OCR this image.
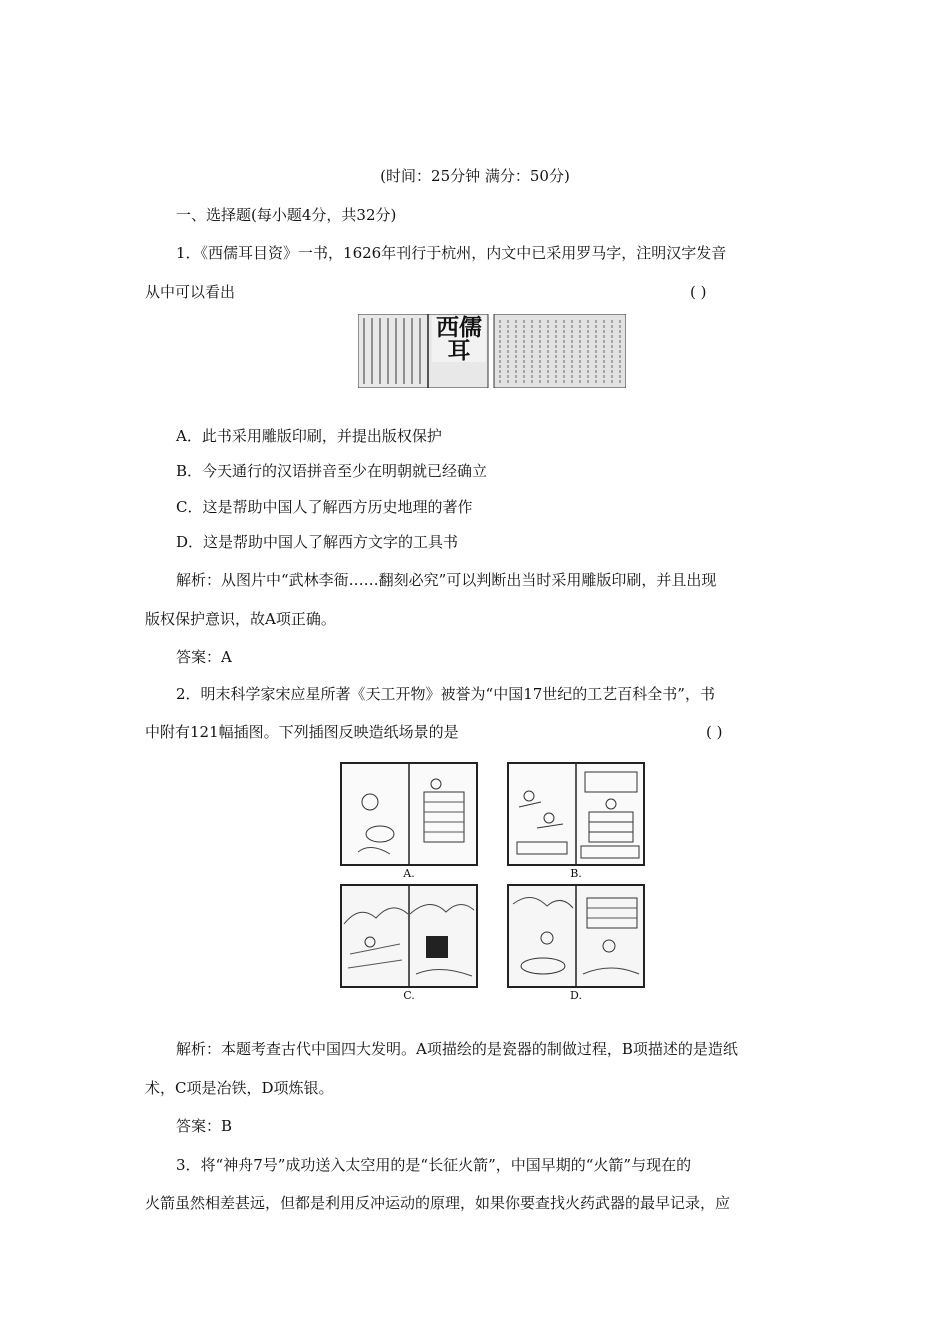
(时间：25分钟 满分：50分)
一、选择题(每小题4分，共32分)
1．《西儒耳目资》一书，1626年刊行于杭州，内文中已采用罗马字，注明汉字发音
从中可以看出	( )
西儒耳
A．此书采用雕版印刷，并提出版权保护
B．今天通行的汉语拼音至少在明朝就已经确立
C．这是帮助中国人了解西方历史地理的著作
D．这是帮助中国人了解西方文字的工具书
解析：从图片中“武林李衙……翻刻必究”可以判断出当时采用雕版印刷，并且出现
版权保护意识，故A项正确。
答案：A
2．明末科学家宋应星所著《天工开物》被誉为“中国17世纪的工艺百科全书”，书
中附有121幅插图。下列插图反映造纸场景的是	( )
A.	B.
C.	D.
解析：本题考查古代中国四大发明。A项描绘的是瓷器的制做过程，B项描述的是造纸
术，C项是冶铁，D项炼银。
答案：B
3．将“神舟7号”成功送入太空用的是“长征火箭”，中国早期的“火箭”与现在的
火箭虽然相差甚远，但都是利用反冲运动的原理，如果你要查找火药武器的最早记录，应
